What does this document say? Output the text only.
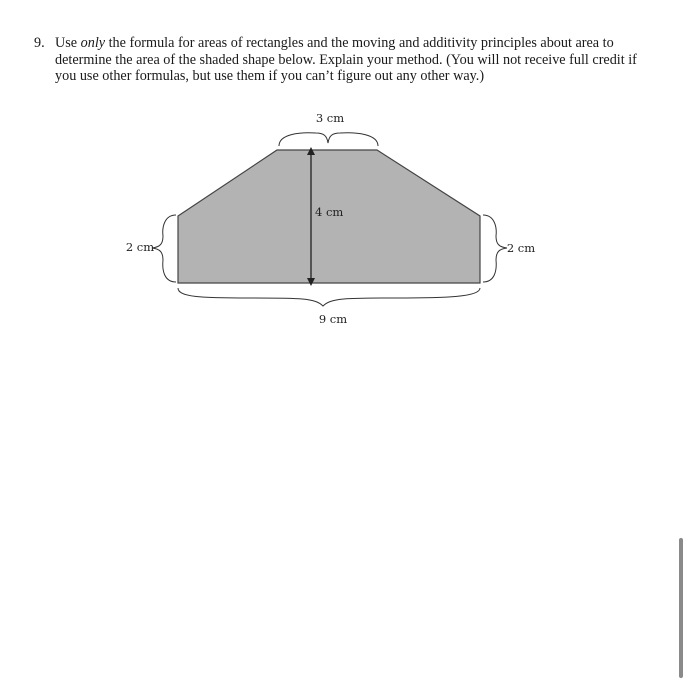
9. Use only the formula for areas of rectangles and the moving and additivity principles about area to determine the area of the shaded shape below. Explain your method. (You will not receive full credit if you use other formulas, but use them if you can’t figure out any other way.)
3 cm
4 cm
2 cm	2 cm
9 cm
